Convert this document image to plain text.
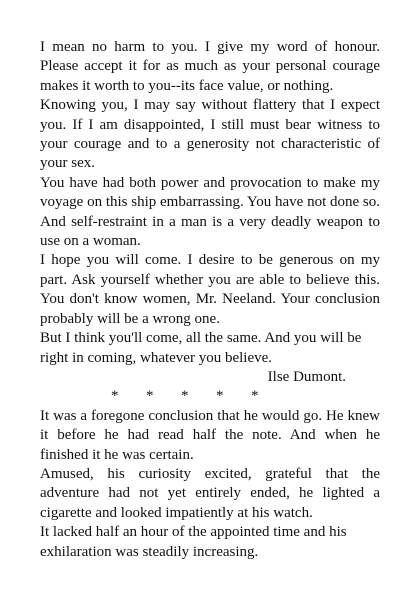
I mean no harm to you. I give my word of honour. Please accept it for as much as your personal courage makes it worth to you--its face value, or nothing.

Knowing you, I may say without flattery that I expect you. If I am disappointed, I still must bear witness to your courage and to a generosity not characteristic of your sex.

You have had both power and provocation to make my voyage on this ship embarrassing. You have not done so. And self-restraint in a man is a very deadly weapon to use on a woman.

I hope you will come. I desire to be generous on my part. Ask yourself whether you are able to believe this. You don't know women, Mr. Neeland. Your conclusion probably will be a wrong one.

But I think you'll come, all the same. And you will be right in coming, whatever you believe.

Ilse Dumont.

* * * * *

It was a foregone conclusion that he would go. He knew it before he had read half the note. And when he finished it he was certain.

Amused, his curiosity excited, grateful that the adventure had not yet entirely ended, he lighted a cigarette and looked impatiently at his watch.

It lacked half an hour of the appointed time and his exhilaration was steadily increasing.
